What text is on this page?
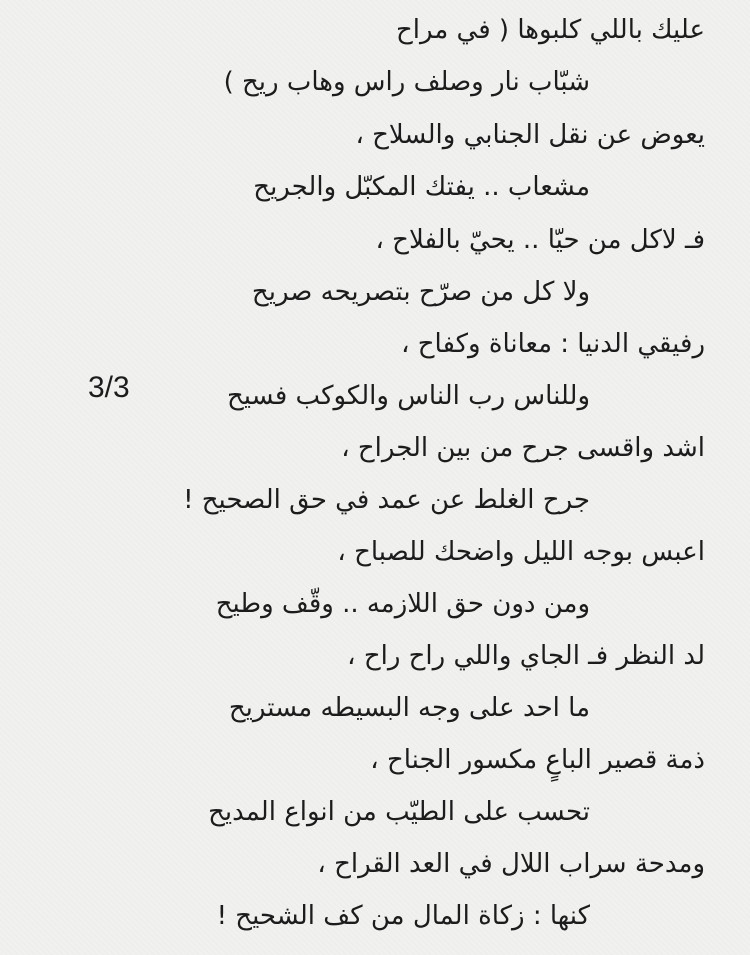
عليك باللي كلبوها ( في مراح
شبّاب نار وصلف راس وهاب ريح )
يعوض عن نقل الجنابي والسلاح ،
مشعاب .. يفتك المكبّل والجريح
فـ لاكل من حيّا .. يحيّ بالفلاح ،
ولا كل من صرّح بتصريحه صريح
رفيقي الدنيا : معاناة وكفاح ،
وللناس رب الناس والكوكب فسيح
اشد واقسى جرح من بين الجراح ،
جرح الغلط عن عمد في حق الصحيح !
اعبس بوجه الليل واضحك للصباح ،
ومن دون حق اللازمه .. وقّف وطيح
لد النظر فـ الجاي واللي راح راح ،
ما احد على وجه البسيطه مستريح
ذمة قصير الباعٍ مكسور الجناح ،
تحسب على الطيّب من انواع المديح
ومدحة سراب اللال في العد القراح ،
كنها : زكاة المال من كف الشحيح !
3/3
